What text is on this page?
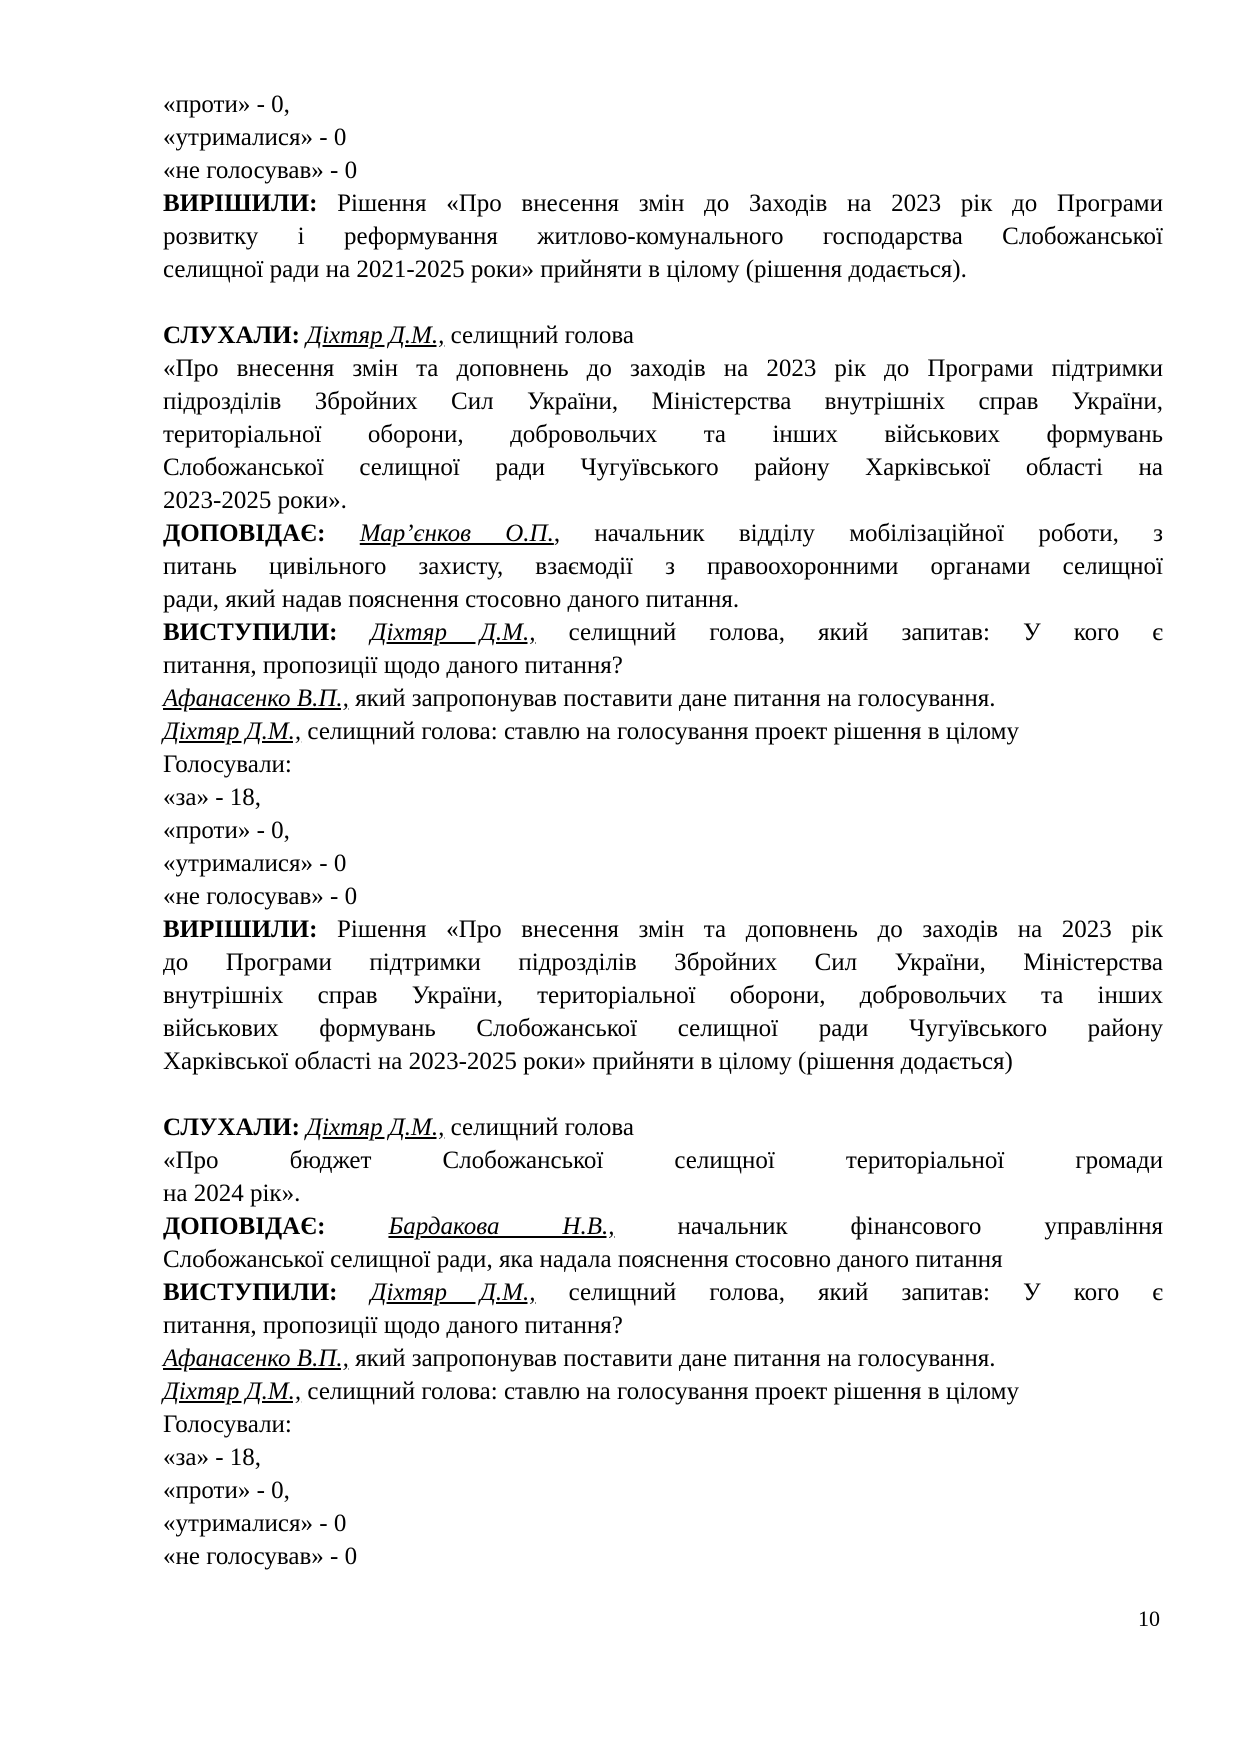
«проти» - 0,
«утрималися» - 0
«не голосував» - 0
ВИРІШИЛИ: Рішення «Про внесення змін до Заходів на 2023 рік до Програми
розвитку і реформування житлово-комунального господарства Слобожанської
селищної ради на 2021-2025 роки» прийняти в цілому (рішення додається).
СЛУХАЛИ: Діхтяр Д.М., селищний голова
«Про внесення змін та доповнень до заходів на 2023 рік до Програми підтримки
підрозділів Збройних Сил України, Міністерства внутрішніх справ України,
територіальної оборони, добровольчих та інших військових формувань
Слобожанської селищної ради Чугуївського району Харківської області на
2023-2025 роки».
ДОПОВІДАЄ: Мар’єнков О.П., начальник відділу мобілізаційної роботи, з
питань цивільного захисту, взаємодії з правоохоронними органами селищної
ради, який надав пояснення стосовно даного питання.
ВИСТУПИЛИ: Діхтяр Д.М., селищний голова, який запитав: У кого є
питання, пропозиції щодо даного питання?
Афанасенко В.П., який запропонував поставити дане питання на голосування.
Діхтяр Д.М., селищний голова: ставлю на голосування проект рішення в цілому
Голосували:
«за» - 18,
«проти» - 0,
«утрималися» - 0
«не голосував» - 0
ВИРІШИЛИ: Рішення «Про внесення змін та доповнень до заходів на 2023 рік
до Програми підтримки підрозділів Збройних Сил України, Міністерства
внутрішніх справ України, територіальної оборони, добровольчих та інших
військових формувань Слобожанської селищної ради Чугуївського району
Харківської області на 2023-2025 роки» прийняти в цілому (рішення додається)
СЛУХАЛИ: Діхтяр Д.М., селищний голова
«Про бюджет Слобожанської селищної територіальної громади
на 2024 рік».
ДОПОВІДАЄ:	Бардакова Н.В., начальник фінансового управління
Слобожанської селищної ради, яка надала пояснення стосовно даного питання
ВИСТУПИЛИ: Діхтяр Д.М., селищний голова, який запитав: У кого є
питання, пропозиції щодо даного питання?
Афанасенко В.П., який запропонував поставити дане питання на голосування.
Діхтяр Д.М., селищний голова: ставлю на голосування проект рішення в цілому
Голосували:
«за» - 18,
«проти» - 0,
«утрималися» - 0
«не голосував» - 0
10
